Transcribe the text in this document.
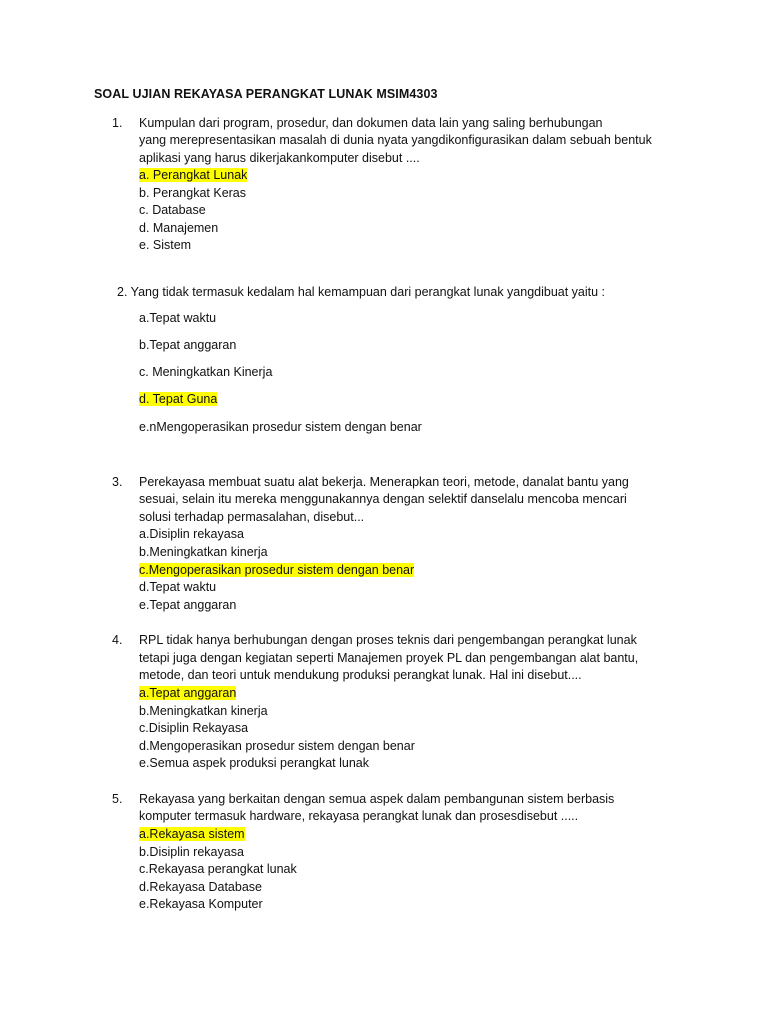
SOAL UJIAN REKAYASA PERANGKAT LUNAK MSIM4303
1. Kumpulan dari program, prosedur, dan dokumen data lain yang saling berhubungan
yang merepresentasikan masalah di dunia nyata yangdikonfigurasikan dalam sebuah bentuk
aplikasi yang harus dikerjakankomputer disebut ....
a. Perangkat Lunak
b. Perangkat Keras
c. Database
d. Manajemen
e. Sistem
2. Yang tidak termasuk kedalam hal kemampuan dari perangkat lunak yangdibuat yaitu :
a.Tepat waktu
b.Tepat anggaran
c. Meningkatkan Kinerja
d. Tepat Guna
e.nMengoperasikan prosedur sistem dengan benar
3. Perekayasa membuat suatu alat bekerja. Menerapkan teori, metode, danalat bantu yang
sesuai, selain itu mereka menggunakannya dengan selektif danselalu mencoba mencari
solusi terhadap permasalahan, disebut...
a.Disiplin rekayasa
b.Meningkatkan kinerja
c.Mengoperasikan prosedur sistem dengan benar
d.Tepat waktu
e.Tepat anggaran
4. RPL tidak hanya berhubungan dengan proses teknis dari pengembangan perangkat lunak
tetapi juga dengan kegiatan seperti Manajemen proyek PL dan pengembangan alat bantu,
metode, dan teori untuk mendukung produksi perangkat lunak. Hal ini disebut....
a.Tepat anggaran
b.Meningkatkan kinerja
c.Disiplin Rekayasa
d.Mengoperasikan prosedur sistem dengan benar
e.Semua aspek produksi perangkat lunak
5. Rekayasa yang berkaitan dengan semua aspek dalam pembangunan sistem berbasis
komputer termasuk hardware, rekayasa perangkat lunak dan prosesdisebut .....
a.Rekayasa sistem
b.Disiplin rekayasa
c.Rekayasa perangkat lunak
d.Rekayasa Database
e.Rekayasa Komputer
